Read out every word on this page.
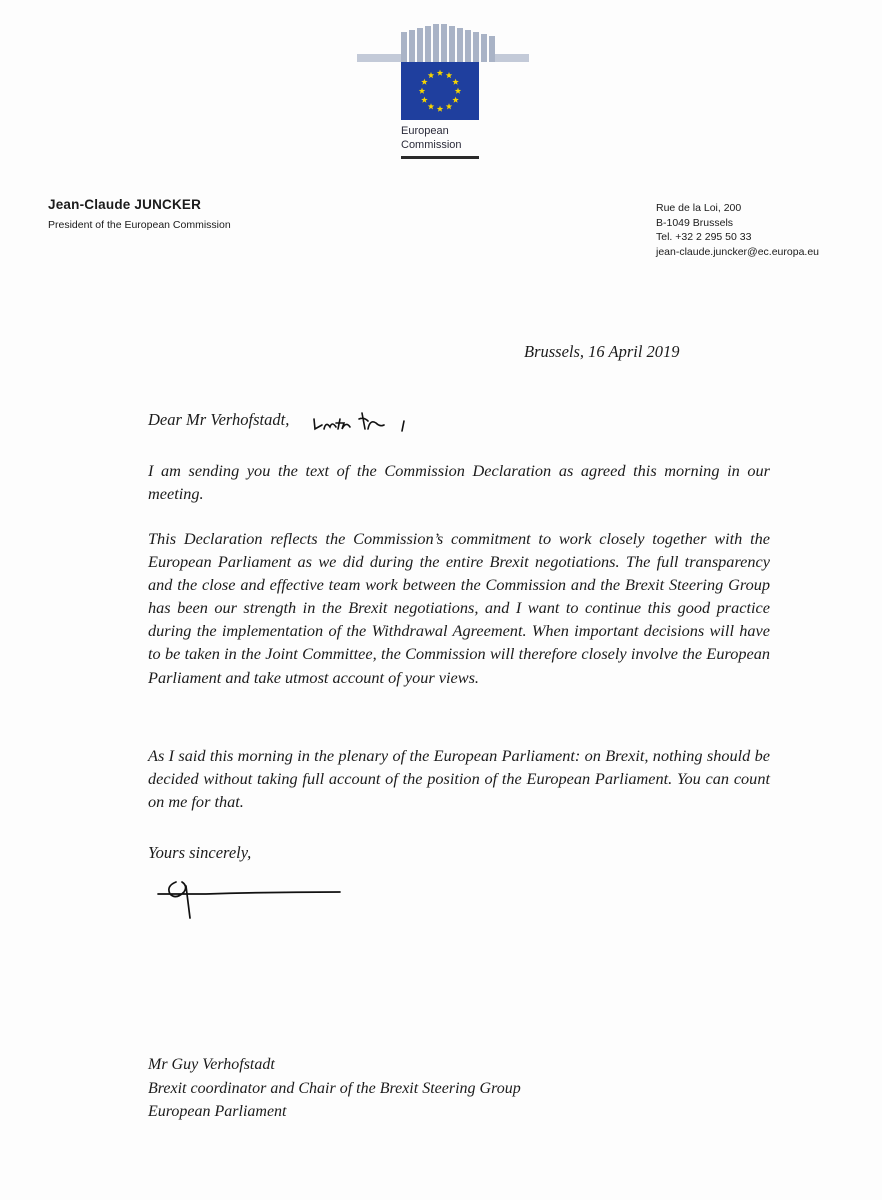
European
Commission
Jean-Claude JUNCKER
President of the European Commission
Rue de la Loi, 200
B-1049 Brussels
Tel. +32 2 295 50 33
jean-claude.juncker@ec.europa.eu
Brussels, 16 April 2019
Dear Mr Verhofstadt,
I am sending you the text of the Commission Declaration as agreed this morning in our meeting.
This Declaration reflects the Commission’s commitment to work closely together with the European Parliament as we did during the entire Brexit negotiations. The full transparency and the close and effective team work between the Commission and the Brexit Steering Group has been our strength in the Brexit negotiations, and I want to continue this good practice during the implementation of the Withdrawal Agreement. When important decisions will have to be taken in the Joint Committee, the Commission will therefore closely involve the European Parliament and take utmost account of your views.
As I said this morning in the plenary of the European Parliament: on Brexit, nothing should be decided without taking full account of the position of the European Parliament. You can count on me for that.
Yours sincerely,
Mr Guy Verhofstadt
Brexit coordinator and Chair of the Brexit Steering Group
European Parliament
